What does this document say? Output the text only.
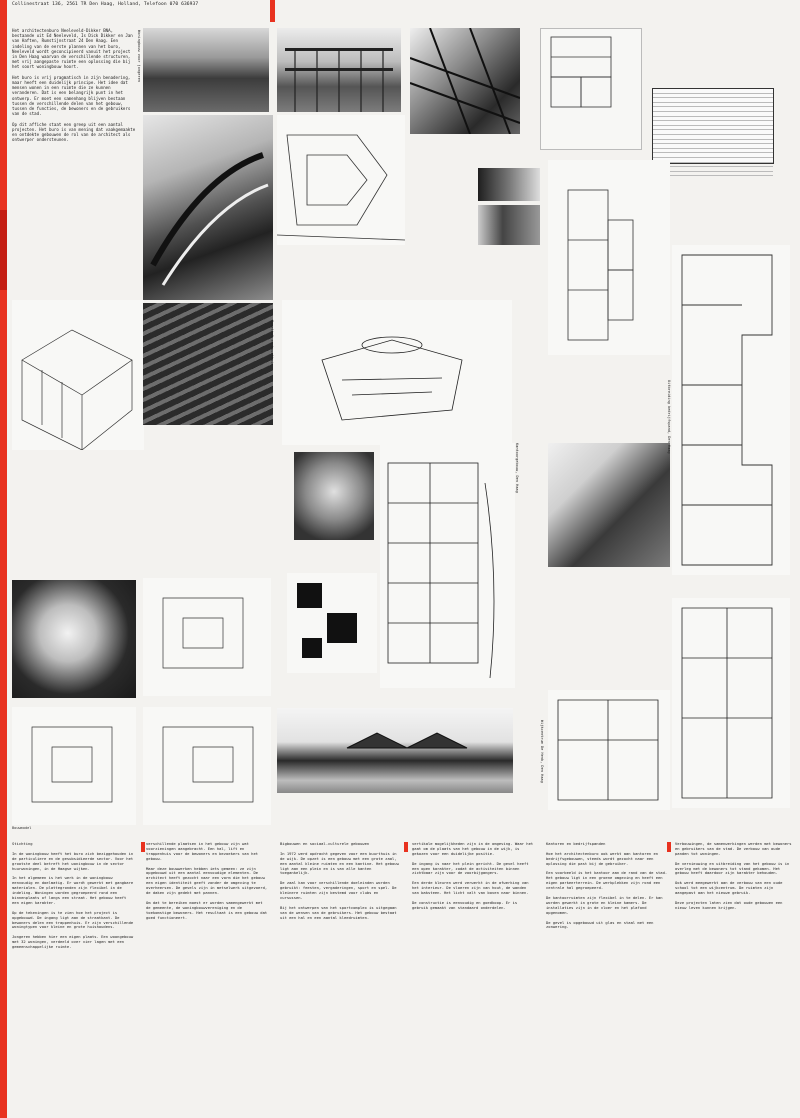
Collinestraat 136, 2561 TR Den Haag, Holland, Telefoon 070 636937
Het architectenburo Neeleveld-Dikker BNA, bestaande uit Ed Neeleveld, Is Dick Dikker en Jan van Haften, Rumstijnstraat 24 Den Haag. Een indeling van de eerste plannen van het buro, Neeleveld wordt geconcipieerd vanuit het project in Den Haag waarvan de verschillende structuren, met vrij aangepaste ruimte een oplossing die bij het soort woningbouw hoort.

Het buro is vrij pragmatisch in zijn benadering, maar heeft een duidelijk principe. Het idee dat mensen wonen in een ruimte die ze kunnen veranderen. Dat is een belangrijk punt in het ontwerp. Er moet een samenhang blijven bestaan tussen de verschillende delen van het gebouw, tussen de functies, de bewoners en de gebruikers van de stad.

Op dit affiche staat een greep uit een aantal projecten. Het buro is van mening dat vaakgemaakte en ontdekte gebouwen de rol van de architect als ontwerper ondersteunen.
Woningbouw voor jongeren
Sporthal en buurthuis
Kantoorgebouw, Den Haag
Uitbreiding bedrijfspand, Den Haag
Bouwmodel
Wijkcentrum De Henk, Den Haag
Stichting

In de woningbouw heeft het buro zich beziggehouden in de particuliere en de gesubsidieerde sector. Voor het grootste deel betreft het woningbouw in de sector huurwoningen, in de Haagse wijken.

In het algemeen is het werk in de woningbouw eenvoudig en doelmatig. Er wordt gewerkt met gangbare materialen. De plattegronden zijn flexibel in de indeling. Woningen worden gegroepeerd rond een binnenplaats of langs een straat. Het gebouw heeft een eigen karakter.

Op de tekeningen is te zien hoe het project is opgebouwd. De ingang ligt aan de straatkant. De bewoners delen een trappenhuis. Er zijn verschillende woningtypen voor kleine en grote huishoudens.

Jongeren hebben hier een eigen plaats. Een woongebouw met 32 woningen, verdeeld over vier lagen met een gemeenschappelijke ruimte.
verschillende plaatsen in het gebouw zijn wat voorzieningen aangebracht. Een hal, lift en trappenhuis voor de bewoners en bezoekers van het gebouw.

Maar deze bouwwerken hebben iets gemeen: ze zijn opgebouwd uit een aantal eenvoudige elementen. De architect heeft gezocht naar een vorm die het gebouw een eigen identiteit geeft zonder de omgeving te overheersen. De gevels zijn in metselwerk uitgevoerd, de daken zijn gedekt met pannen.

Om dat te bereiken moest er worden samengewerkt met de gemeente, de woningbouwvereniging en de toekomstige bewoners. Het resultaat is een gebouw dat goed functioneert.
Bigbouwen en sociaal-culturele gebouwen

In 1972 werd opdracht gegeven voor een buurthuis in de wijk. De opzet is een gebouw met een grote zaal, een aantal kleine ruimten en een kantine. Het gebouw ligt aan een plein en is van alle kanten toegankelijk.

De zaal kan voor verschillende doeleinden worden gebruikt: feesten, vergaderingen, sport en spel. De kleinere ruimten zijn bestemd voor clubs en cursussen.

Bij het ontwerpen van het sportcomplex is uitgegaan van de wensen van de gebruikers. Het gebouw bestaat uit een hal en een aantal kleedruimten.
vertikale mogelijkheden zijn in de omgeving. Waar het gaat om de plaats van het gebouw in de wijk, is gekozen voor een duidelijke positie.

De ingang is naar het plein gericht. De gevel heeft een open karakter, zodat de activiteiten binnen zichtbaar zijn voor de voorbijgangers.

Een derde kleuren werd verwerkt in de afwerking van het interieur. De vloeren zijn van hout, de wanden van baksteen. Het licht valt van boven naar binnen.

De constructie is eenvoudig en goedkoop. Er is gebruik gemaakt van standaard onderdelen.
Kantoren en bedrijfspanden

Hoe het architectenburo ook werkt aan kantoren en bedrijfsgebouwen, steeds wordt gezocht naar een oplossing die past bij de gebruiker.

Een voorbeeld is het kantoor aan de rand van de stad. Het gebouw ligt in een groene omgeving en heeft een eigen parkeerterrein. De werkplekken zijn rond een centrale hal gegroepeerd.

De kantoorruimten zijn flexibel in te delen. Er kan worden gewerkt in grote en kleine kamers. De installaties zijn in de vloer en het plafond opgenomen.

De gevel is opgebouwd uit glas en staal met een zonwering.
Verbouwingen, de samenwerkingen werden met bewoners en gebruikers van de stad. De verbouw van oude panden tot woningen.

De vernieuwing en uitbreiding van het gebouw is in overleg met de bewoners tot stand gekomen. Het gebouw heeft daardoor zijn karakter behouden.

Ook werd meegewerkt aan de verbouw van een oude school tot een wijkcentrum. De ruimten zijn aangepast aan het nieuwe gebruik.

Deze projecten laten zien dat oude gebouwen een nieuw leven kunnen krijgen.
